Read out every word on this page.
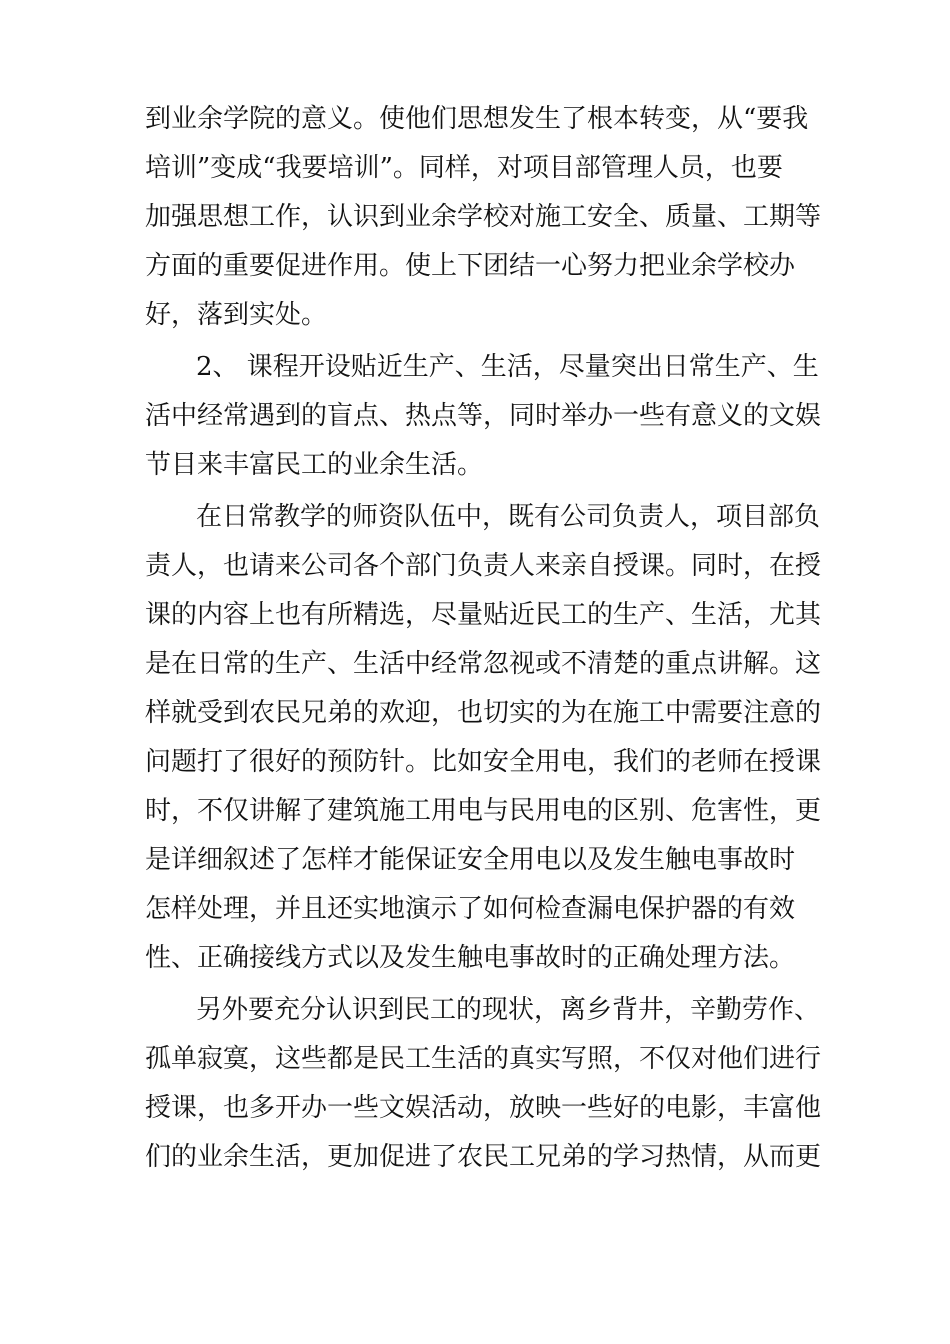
到业余学院的意义。使他们思想发生了根本转变，从“要我
培训”变成“我要培训”。同样，对项目部管理人员，也要
加强思想工作，认识到业余学校对施工安全、质量、工期等
方面的重要促进作用。使上下团结一心努力把业余学校办
好，落到实处。
2、 课程开设贴近生产、生活，尽量突出日常生产、生
活中经常遇到的盲点、热点等，同时举办一些有意义的文娱
节目来丰富民工的业余生活。
在日常教学的师资队伍中，既有公司负责人，项目部负
责人，也请来公司各个部门负责人来亲自授课。同时，在授
课的内容上也有所精选，尽量贴近民工的生产、生活，尤其
是在日常的生产、生活中经常忽视或不清楚的重点讲解。这
样就受到农民兄弟的欢迎，也切实的为在施工中需要注意的
问题打了很好的预防针。比如安全用电，我们的老师在授课
时，不仅讲解了建筑施工用电与民用电的区别、危害性，更
是详细叙述了怎样才能保证安全用电以及发生触电事故时
怎样处理，并且还实地演示了如何检查漏电保护器的有效
性、正确接线方式以及发生触电事故时的正确处理方法。
另外要充分认识到民工的现状，离乡背井，辛勤劳作、
孤单寂寞，这些都是民工生活的真实写照，不仅对他们进行
授课，也多开办一些文娱活动，放映一些好的电影，丰富他
们的业余生活，更加促进了农民工兄弟的学习热情，从而更
